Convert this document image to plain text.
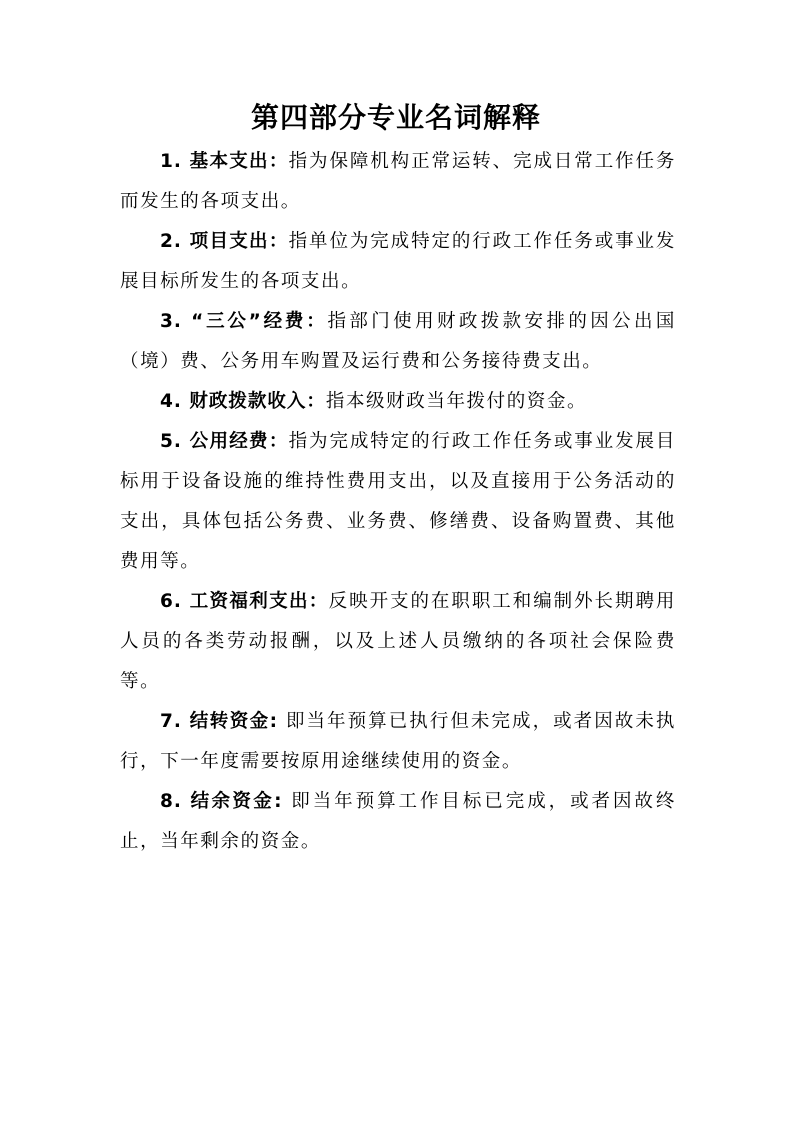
第四部分专业名词解释

1. 基本支出：指为保障机构正常运转、完成日常工作任务而发生的各项支出。

2. 项目支出：指单位为完成特定的行政工作任务或事业发展目标所发生的各项支出。

3. “三公”经费：指部门使用财政拨款安排的因公出国（境）费、公务用车购置及运行费和公务接待费支出。

4. 财政拨款收入：指本级财政当年拨付的资金。

5. 公用经费：指为完成特定的行政工作任务或事业发展目标用于设备设施的维持性费用支出，以及直接用于公务活动的支出，具体包括公务费、业务费、修缮费、设备购置费、其他费用等。

6. 工资福利支出：反映开支的在职职工和编制外长期聘用人员的各类劳动报酬，以及上述人员缴纳的各项社会保险费等。

7. 结转资金: 即当年预算已执行但未完成，或者因故未执行，下一年度需要按原用途继续使用的资金。

8. 结余资金: 即当年预算工作目标已完成，或者因故终止，当年剩余的资金。
